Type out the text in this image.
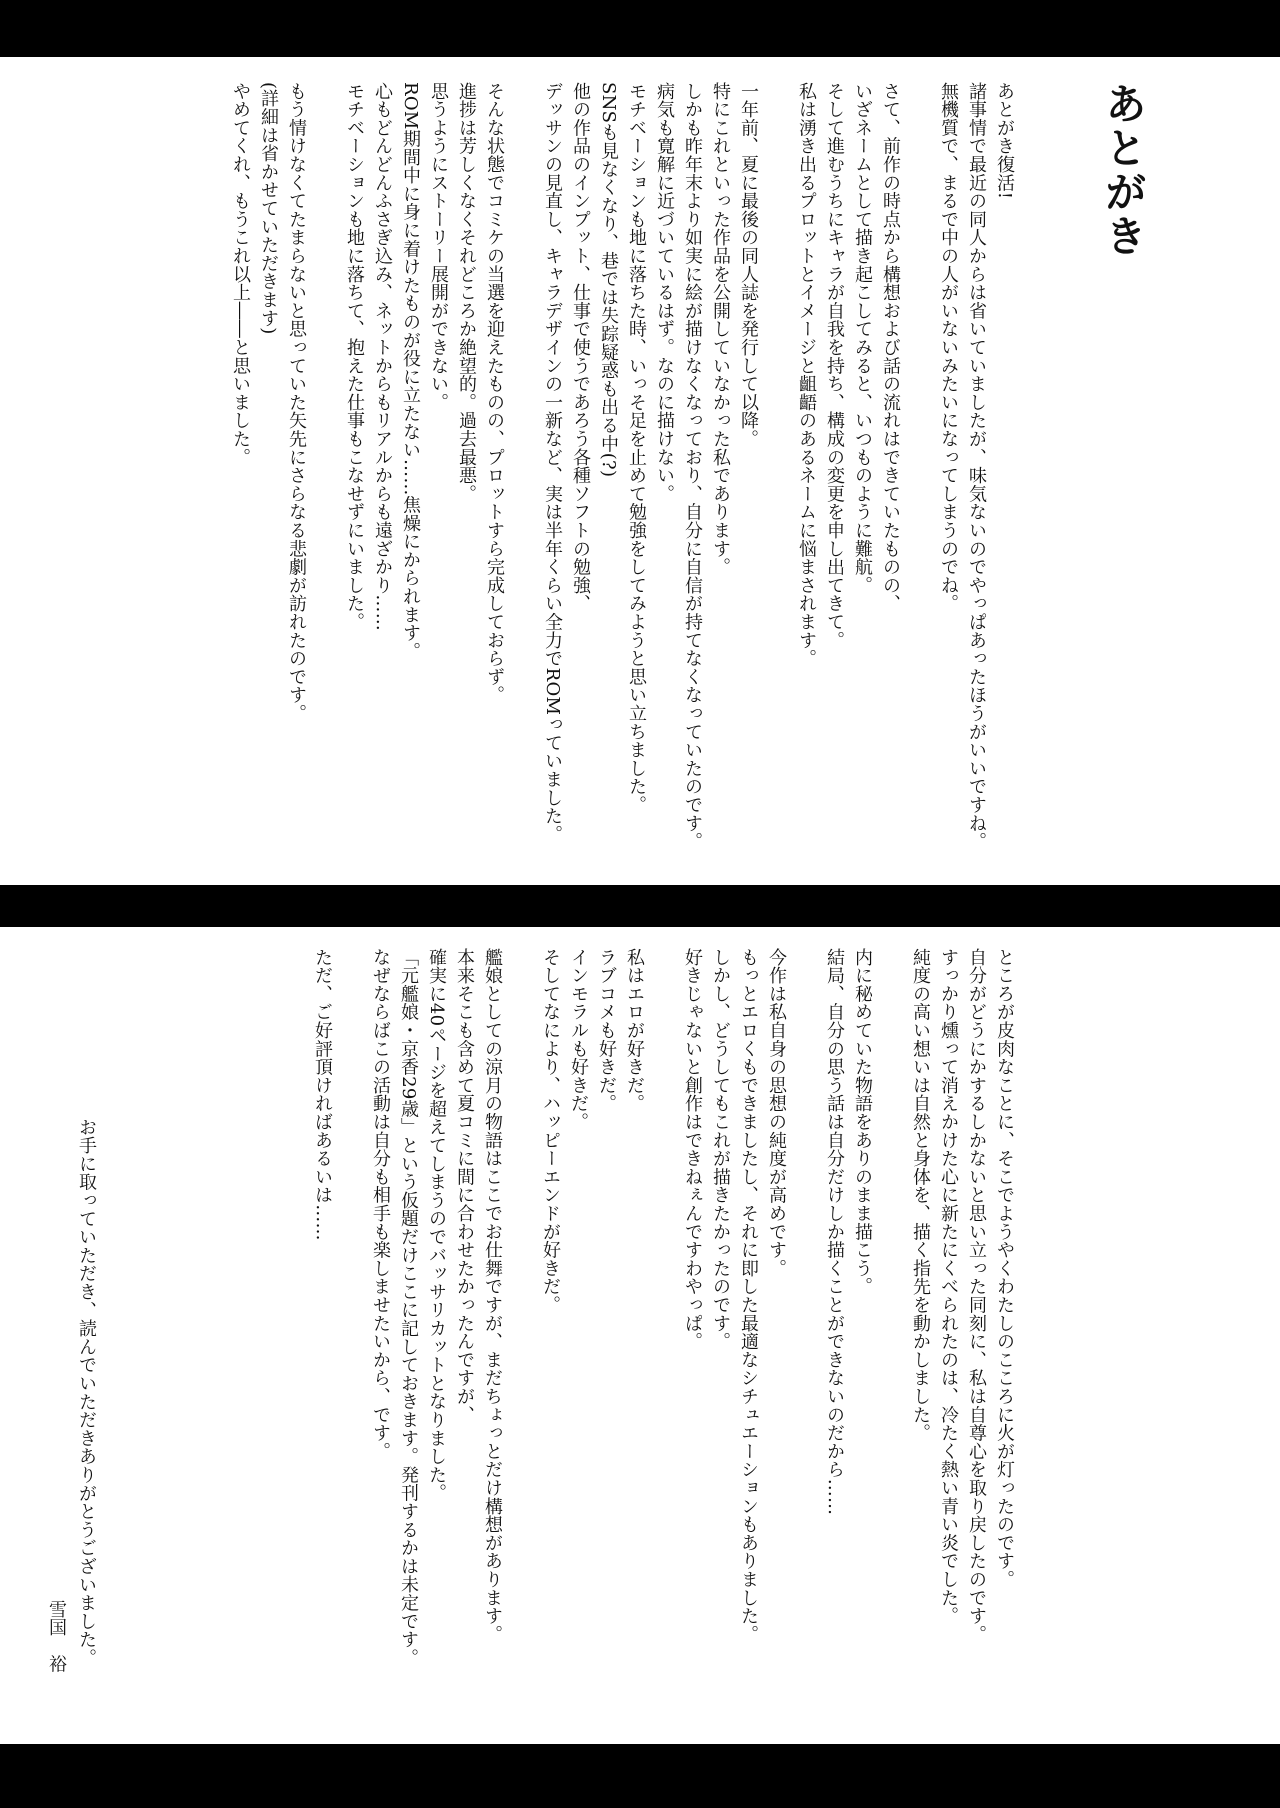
あとがき
あとがき復活!
諸事情で最近の同人からは省いていましたが、味気ないのでやっぱあったほうがいいですね。
無機質で、まるで中の人がいないみたいになってしまうのでね。
さて、前作の時点から構想および話の流れはできていたものの、
いざネームとして描き起こしてみると、いつものように難航。
そして進むうちにキャラが自我を持ち、構成の変更を申し出てきて。
私は湧き出るプロットとイメージと齟齬のあるネームに悩まされます。
一年前、夏に最後の同人誌を発行して以降。
特にこれといった作品を公開していなかった私であります。
しかも昨年末より如実に絵が描けなくなっており、自分に自信が持てなくなっていたのです。
病気も寛解に近づいているはず。なのに描けない。
モチベーションも地に落ちた時、いっそ足を止めて勉強をしてみようと思い立ちました。
SNSも見なくなり、巷では失踪疑惑も出る中(?)
他の作品のインプット、仕事で使うであろう各種ソフトの勉強、
デッサンの見直し、キャラデザインの一新など、実は半年くらい全力でROMっていました。
そんな状態でコミケの当選を迎えたものの、プロットすら完成しておらず。
進捗は芳しくなくそれどころか絶望的。過去最悪。
思うようにストーリー展開ができない。
ROM期間中に身に着けたものが役に立たない……焦燥にかられます。
心もどんどんふさぎ込み、ネットからもリアルからも遠ざかり……
モチベーションも地に落ちて、抱えた仕事もこなせずにいました。
もう情けなくてたまらないと思っていた矢先にさらなる悲劇が訪れたのです。
(詳細は省かせていただきます)
やめてくれ、もうこれ以上――と思いました。
ところが皮肉なことに、そこでようやくわたしのこころに火が灯ったのです。
自分がどうにかするしかないと思い立った同刻に、私は自尊心を取り戻したのです。
すっかり燻って消えかけた心に新たにくべられたのは、冷たく熱い青い炎でした。
純度の高い想いは自然と身体を、描く指先を動かしました。
内に秘めていた物語をありのまま描こう。
結局、自分の思う話は自分だけしか描くことができないのだから……
今作は私自身の思想の純度が高めです。
もっとエロくもできましたし、それに即した最適なシチュエーションもありました。
しかし、どうしてもこれが描きたかったのです。
好きじゃないと創作はできねぇんですわやっぱ。
私はエロが好きだ。
ラブコメも好きだ。
インモラルも好きだ。
そしてなにより、ハッピーエンドが好きだ。
艦娘としての涼月の物語はここでお仕舞ですが、まだちょっとだけ構想があります。
本来そこも含めて夏コミに間に合わせたかったんですが、
確実に40ページを超えてしまうのでバッサリカットとなりました。
「元艦娘・京香29歳」という仮題だけここに記しておきます。発刊するかは未定です。
なぜならばこの活動は自分も相手も楽しませたいから、です。
ただ、ご好評頂ければあるいは……
お手に取っていただき、読んでいただきありがとうございました。
雪国　裕
